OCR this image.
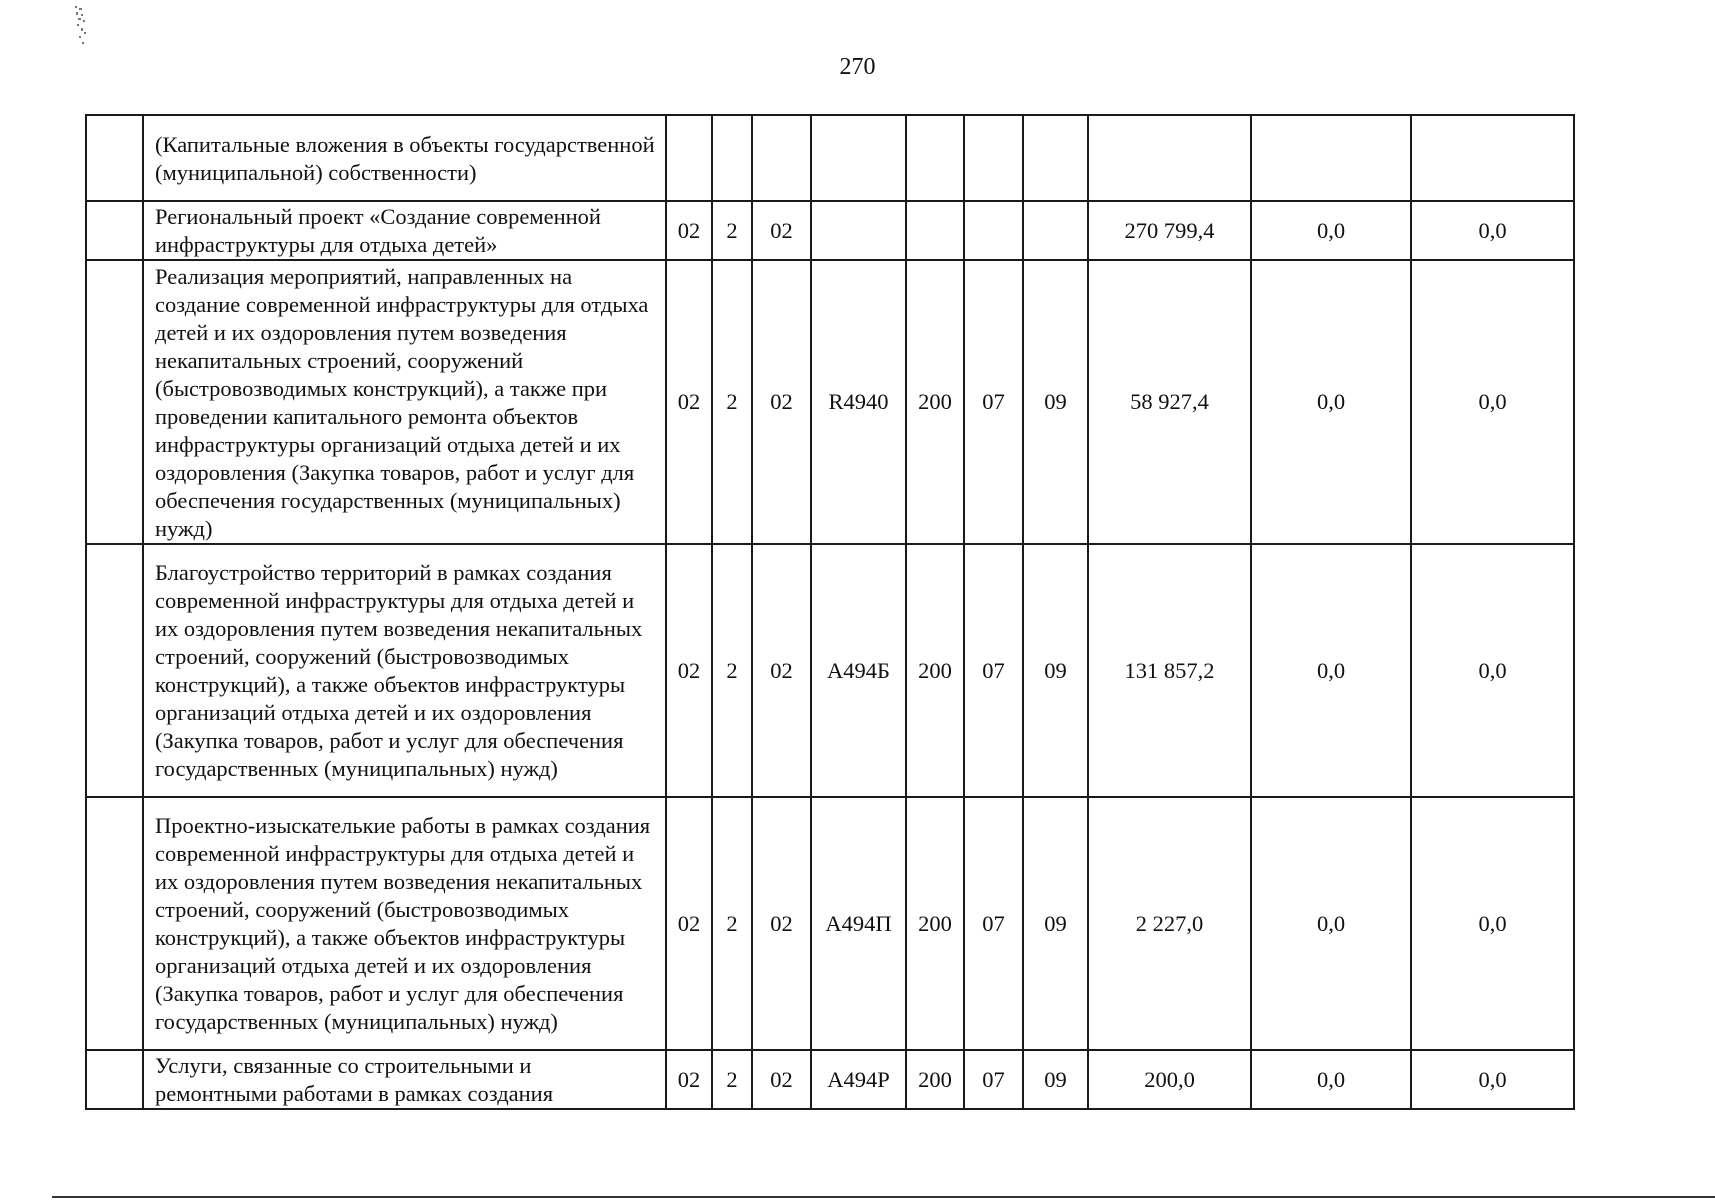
270
	(Капитальные вложения в объекты государственной (муниципальной) собственности)										
	Региональный проект «Создание современной инфраструктуры для отдыха детей»	02	2	02					270 799,4	0,0	0,0
	Реализация мероприятий, направленных на создание современной инфраструктуры для отдыха детей и их оздоровления путем возведения некапитальных строений, сооружений (быстровозводимых конструкций), а также при проведении капитального ремонта объектов инфраструктуры организаций отдыха детей и их оздоровления (Закупка товаров, работ и услуг для обеспечения государственных (муниципальных) нужд)	02	2	02	R4940	200	07	09	58 927,4	0,0	0,0
	Благоустройство территорий в рамках создания современной инфраструктуры для отдыха детей и их оздоровления путем возведения некапитальных строений, сооружений (быстровозводимых конструкций), а также объектов инфраструктуры организаций отдыха детей и их оздоровления (Закупка товаров, работ и услуг для обеспечения государственных (муниципальных) нужд)	02	2	02	А494Б	200	07	09	131 857,2	0,0	0,0
	Проектно-изыскателькие работы в рамках создания современной инфраструктуры для отдыха детей и их оздоровления путем возведения некапитальных строений, сооружений (быстровозводимых конструкций), а также объектов инфраструктуры организаций отдыха детей и их оздоровления (Закупка товаров, работ и услуг для обеспечения государственных (муниципальных) нужд)	02	2	02	А494П	200	07	09	2 227,0	0,0	0,0
	Услуги, связанные со строительными и ремонтными работами в рамках создания	02	2	02	А494Р	200	07	09	200,0	0,0	0,0
